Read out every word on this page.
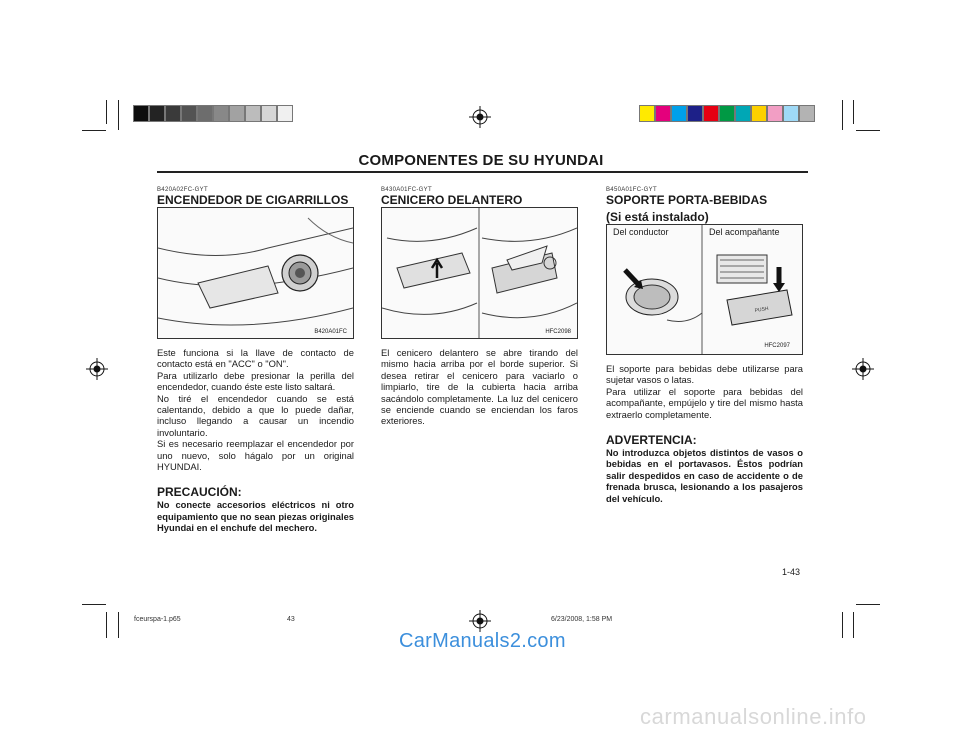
COMPONENTES DE SU HYUNDAI
B420A02FC-GYT
ENCENDEDOR DE CIGARRILLOS
B420A01FC
Este funciona si la llave de contacto de contacto está en "ACC" o "ON".
Para utilizarlo debe presionar la perilla del encendedor, cuando éste este listo saltará.
No tiré el encendedor cuando se está calentando, debido a que lo puede dañar, incluso llegando a causar un incendio involuntario.
Si es necesario reemplazar el encendedor por uno nuevo, solo hágalo por un original HYUNDAI.
PRECAUCIÓN:
No conecte accesorios eléctricos ni otro equipamiento que no sean piezas originales Hyundai en el enchufe del mechero.
B430A01FC-GYT
CENICERO DELANTERO
HFC2098
El cenicero delantero se abre tirando del mismo hacia arriba por el borde superior. Si desea retirar el cenicero para vaciarlo o limpiarlo, tire de la cubierta hacia arriba sacándolo completamente. La luz del cenicero se enciende cuando se enciendan los faros exteriores.
B450A01FC-GYT
SOPORTE PORTA-BEBIDAS
(Si está instalado)
PUSH
Del conductor	Del acompañante
HFC2097
El soporte para bebidas debe utilizarse para sujetar vasos o latas.
Para utilizar el soporte para bebidas del acompañante, empújelo y tire del mismo hasta extraerlo completamente.
ADVERTENCIA:
No introduzca objetos distintos de vasos o bebidas en el portavasos. Éstos podrían salir despedidos en caso de accidente o de frenada brusca, lesionando a los pasajeros del vehículo.
1-43
fceurspa-1.p65	43	6/23/2008, 1:58 PM
CarManuals2.com
carmanualsonline.info
